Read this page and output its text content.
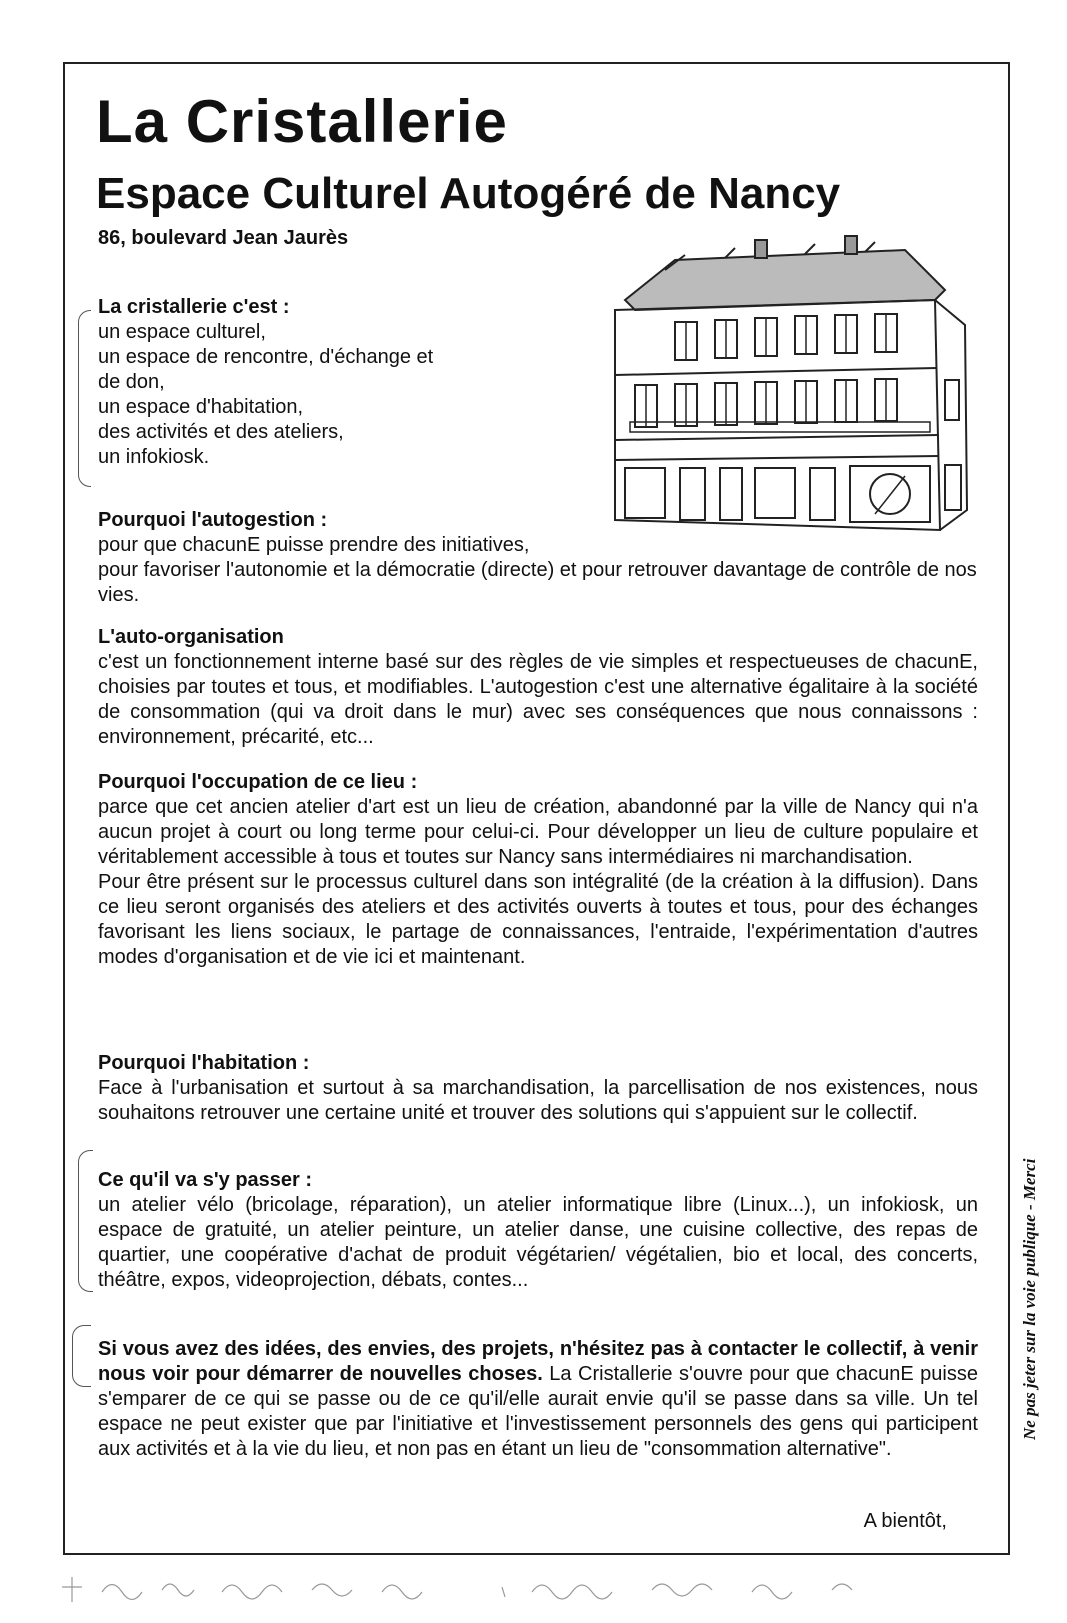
La Cristallerie
Espace Culturel Autogéré de Nancy

86, boulevard Jean Jaurès

La cristallerie c'est :
un espace culturel,
un espace de rencontre, d'échange et
de don,
un espace d'habitation,
des activités et des ateliers,
un infokiosk.
Pourquoi l'autogestion :
pour que chacunE puisse prendre des initiatives,
pour favoriser l'autonomie et la démocratie (directe) et pour retrouver davantage de contrôle de nos vies.
L'auto-organisation
c'est un fonctionnement interne basé sur des règles de vie simples et respectueuses de chacunE, choisies par toutes et tous, et modifiables. L'autogestion c'est une alternative égalitaire à la société de consommation (qui va droit dans le mur) avec ses conséquences que nous connaissons : environnement, précarité, etc...
Pourquoi l'occupation de ce lieu :

parce que cet ancien atelier d'art est un lieu de création, abandonné par la ville de Nancy qui n'a aucun projet à court ou long terme pour celui-ci. Pour développer un lieu de culture populaire et véritablement accessible à tous et toutes sur Nancy sans intermédiaires ni marchandisation.

Pour être présent sur le processus culturel dans son intégralité (de la création à la diffusion). Dans ce lieu seront organisés des ateliers et des activités ouverts à toutes et tous, pour des échanges favorisant les liens sociaux, le partage de connaissances, l'entraide, l'expérimentation d'autres modes d'organisation et de vie ici et maintenant.

Pourquoi l'habitation :
Face à l'urbanisation et surtout à sa marchandisation, la parcellisation de nos existences, nous souhaitons retrouver une certaine unité et trouver des solutions qui s'appuient sur le collectif.
Ce qu'il va s'y passer :
un atelier vélo (bricolage, réparation), un atelier informatique libre (Linux...), un infokiosk, un espace de gratuité, un atelier peinture, un atelier danse, une cuisine collective, des repas de quartier, une coopérative d'achat de produit végétarien/ végétalien, bio et local, des concerts, théâtre, expos, videoprojection, débats, contes...
Si vous avez des idées, des envies, des projets, n'hésitez pas à contacter le collectif, à venir nous voir pour démarrer de nouvelles choses. La Cristallerie s'ouvre pour que chacunE puisse s'emparer de ce qui se passe ou de ce qu'il/elle aurait envie qu'il se passe dans sa ville. Un tel espace ne peut exister que par l'initiative et l'investissement personnels des gens qui participent aux activités et à la vie du lieu, et non pas en étant un lieu de "consommation alternative".

A bientôt,

Ne pas jeter sur la voie publique - Merci
